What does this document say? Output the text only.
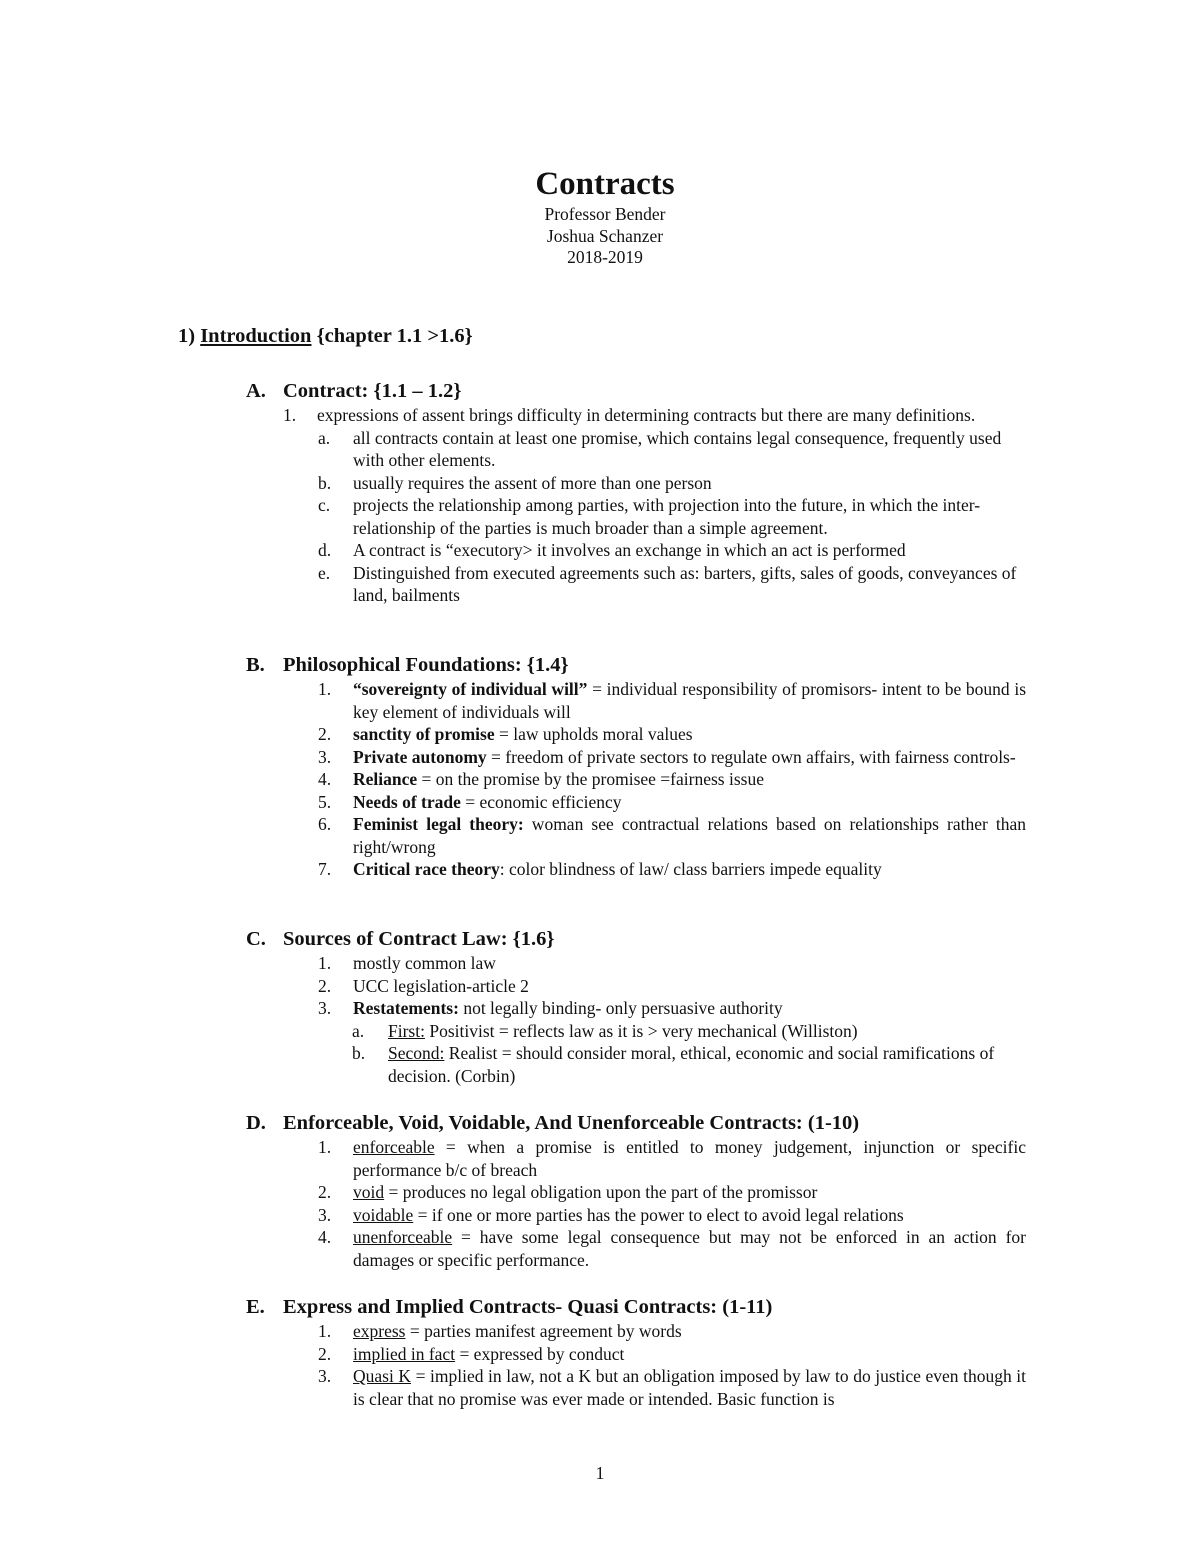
Contracts
Professor Bender
Joshua Schanzer
2018-2019
1) Introduction {chapter 1.1 >1.6}
A. Contract: {1.1 – 1.2}
1. expressions of assent brings difficulty in determining contracts but there are many definitions.
a. all contracts contain at least one promise, which contains legal consequence, frequently used with other elements.
b. usually requires the assent of more than one person
c. projects the relationship among parties, with projection into the future, in which the inter-relationship of the parties is much broader than a simple agreement.
d. A contract is “executory> it involves an exchange in which an act is performed
e. Distinguished from executed agreements such as: barters, gifts, sales of goods, conveyances of land, bailments
B. Philosophical Foundations: {1.4}
1. “sovereignty of individual will” = individual responsibility of promisors- intent to be bound is key element of individuals will
2. sanctity of promise = law upholds moral values
3. Private autonomy = freedom of private sectors to regulate own affairs, with fairness controls-
4. Reliance = on the promise by the promisee =fairness issue
5. Needs of trade = economic efficiency
6. Feminist legal theory: woman see contractual relations based on relationships rather than right/wrong
7. Critical race theory: color blindness of law/ class barriers impede equality
C. Sources of Contract Law: {1.6}
1. mostly common law
2. UCC legislation-article 2
3. Restatements: not legally binding- only persuasive authority
a. First: Positivist = reflects law as it is > very mechanical (Williston)
b. Second: Realist = should consider moral, ethical, economic and social ramifications of decision. (Corbin)
D. Enforceable, Void, Voidable, And Unenforceable Contracts: (1-10)
1. enforceable = when a promise is entitled to money judgement, injunction or specific performance b/c of breach
2. void = produces no legal obligation upon the part of the promissor
3. voidable = if one or more parties has the power to elect to avoid legal relations
4. unenforceable = have some legal consequence but may not be enforced in an action for damages or specific performance.
E. Express and Implied Contracts- Quasi Contracts: (1-11)
1. express = parties manifest agreement by words
2. implied in fact = expressed by conduct
3. Quasi K = implied in law, not a K but an obligation imposed by law to do justice even though it is clear that no promise was ever made or intended. Basic function is
1
